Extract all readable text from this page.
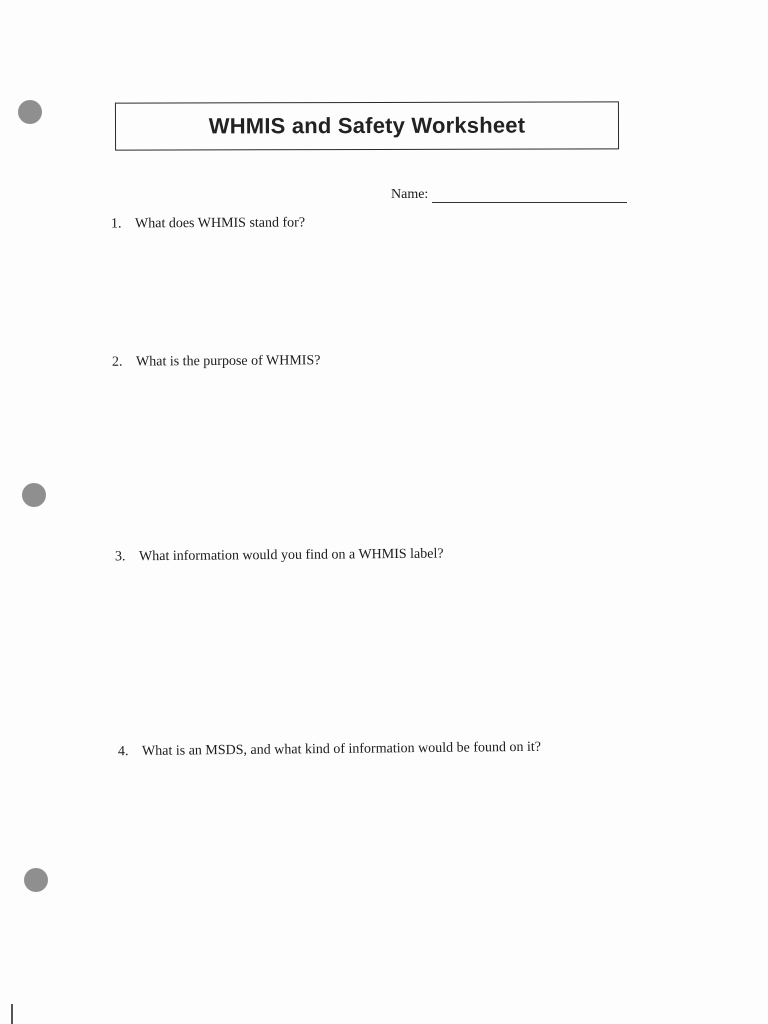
WHMIS and Safety Worksheet
Name:
1. What does WHMIS stand for?
2. What is the purpose of WHMIS?
3. What information would you find on a WHMIS label?
4. What is an MSDS, and what kind of information would be found on it?
